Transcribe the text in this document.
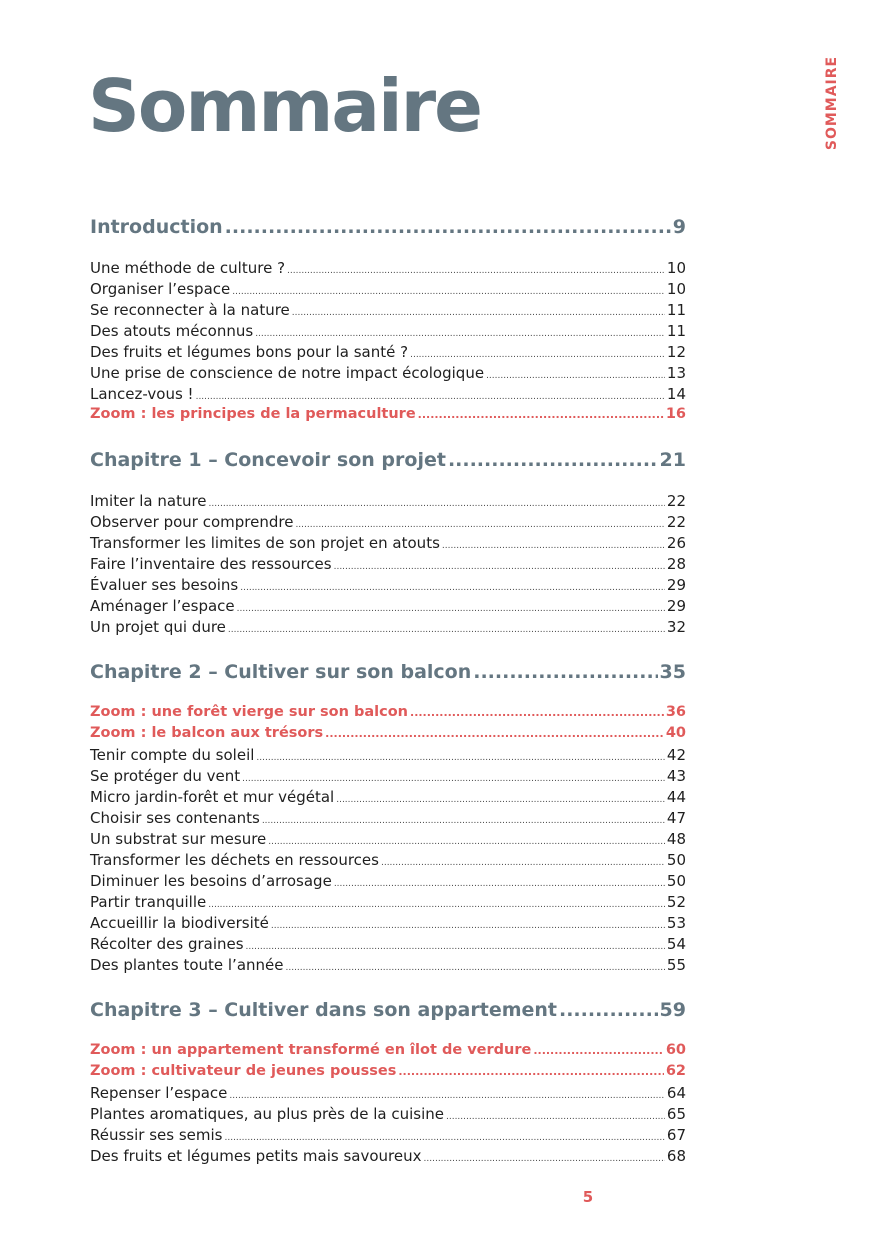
Sommaire	SOMMAIRE
Introduction .....	9
Une méthode de culture ? .....	10
Organiser l’espace .....	10
Se reconnecter à la nature .....	11
Des atouts méconnus .....	11
Des fruits et légumes bons pour la santé ? .....	12
Une prise de conscience de notre impact écologique .....	13
Lancez-vous ! .....	14
Zoom : les principes de la permaculture .....	16
Chapitre 1 – Concevoir son projet .....	21
Imiter la nature .....	22
Observer pour comprendre .....	22
Transformer les limites de son projet en atouts .....	26
Faire l’inventaire des ressources .....	28
Évaluer ses besoins .....	29
Aménager l’espace .....	29
Un projet qui dure .....	32
Chapitre 2 – Cultiver sur son balcon .....	35
Zoom : une forêt vierge sur son balcon .....	36
Zoom : le balcon aux trésors .....	40
Tenir compte du soleil .....	42
Se protéger du vent .....	43
Micro jardin-forêt et mur végétal .....	44
Choisir ses contenants .....	47
Un substrat sur mesure .....	48
Transformer les déchets en ressources .....	50
Diminuer les besoins d’arrosage .....	50
Partir tranquille .....	52
Accueillir la biodiversité .....	53
Récolter des graines .....	54
Des plantes toute l’année .....	55
Chapitre 3 – Cultiver dans son appartement .....	59
Zoom : un appartement transformé en îlot de verdure .....	60
Zoom : cultivateur de jeunes pousses .....	62
Repenser l’espace .....	64
Plantes aromatiques, au plus près de la cuisine .....	65
Réussir ses semis .....	67
Des fruits et légumes petits mais savoureux .....	68
5
